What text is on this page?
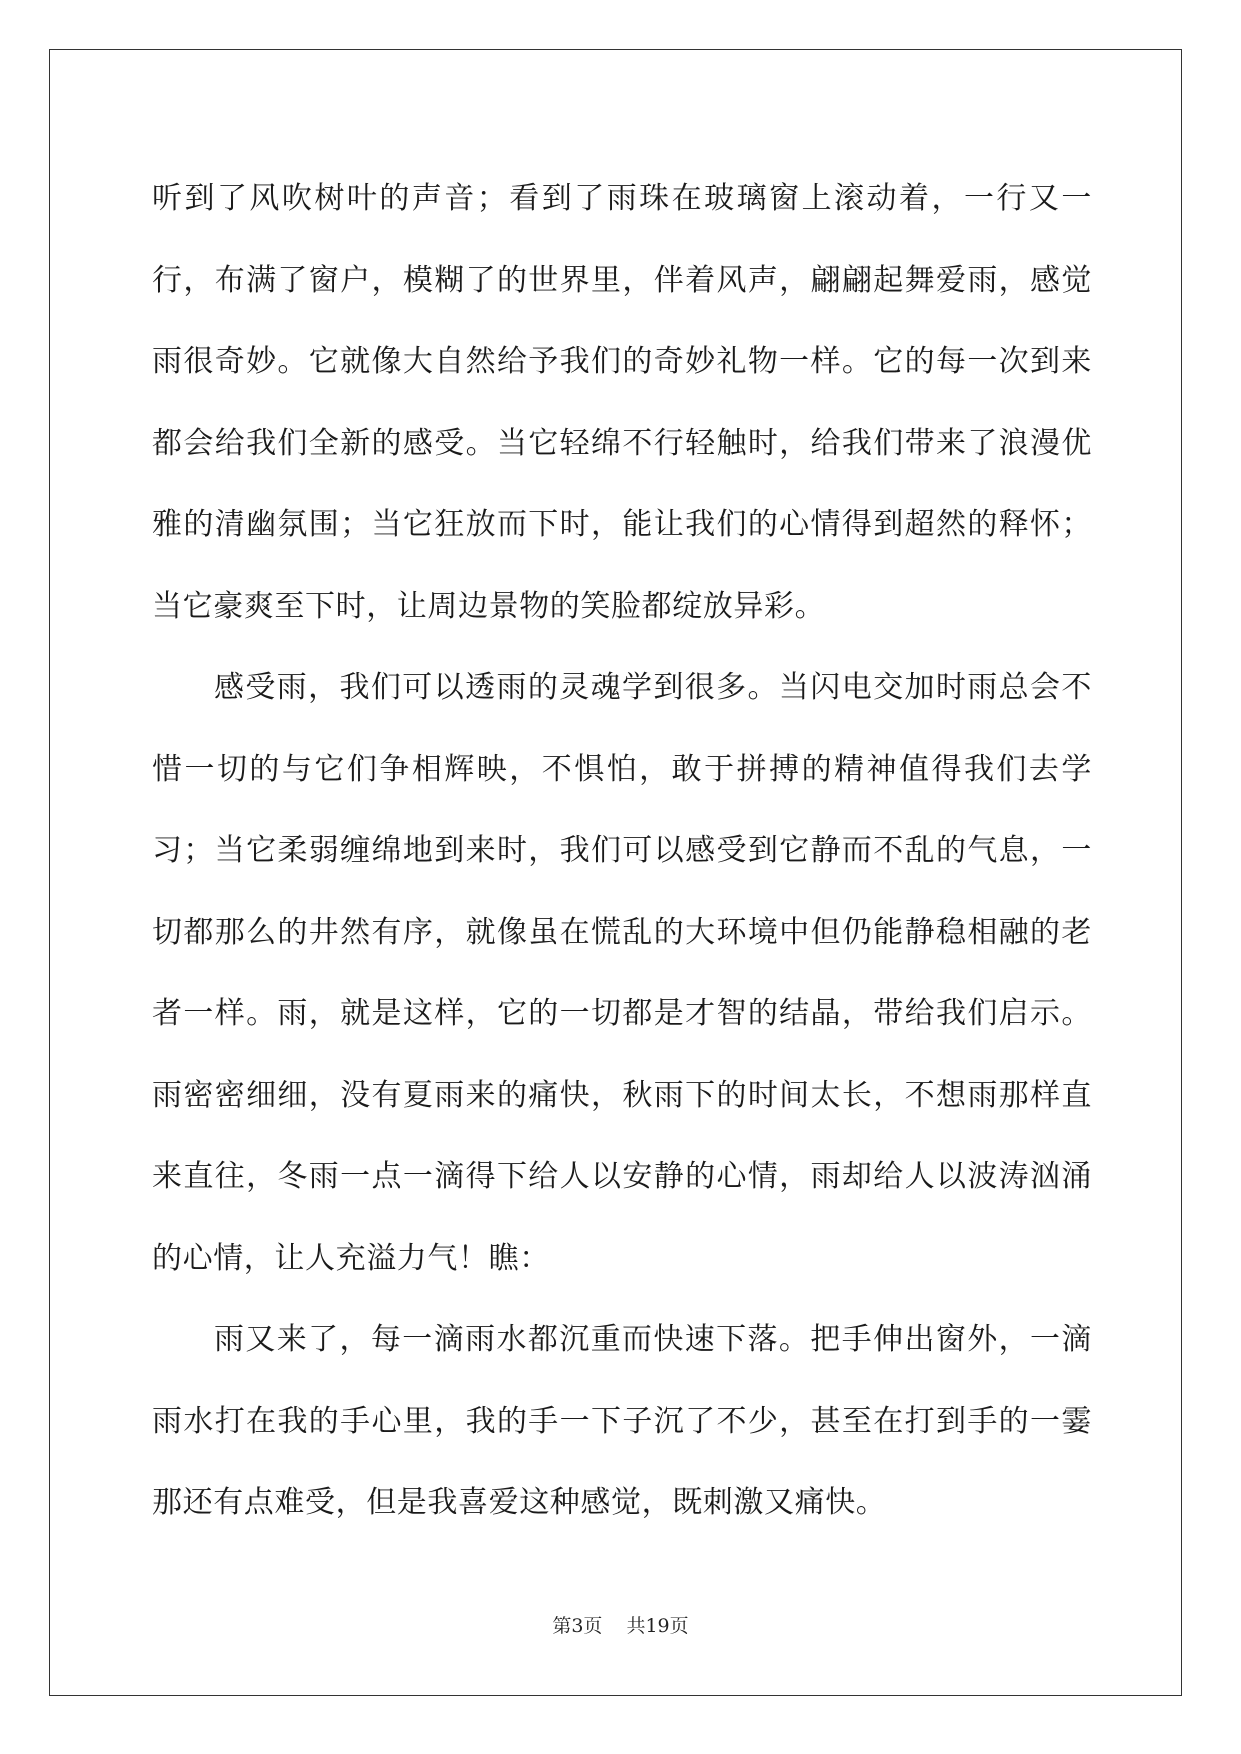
听到了风吹树叶的声音；看到了雨珠在玻璃窗上滚动着，一行又一行，布满了窗户，模糊了的世界里，伴着风声，翩翩起舞爱雨，感觉雨很奇妙。它就像大自然给予我们的奇妙礼物一样。它的每一次到来都会给我们全新的感受。当它轻绵不行轻触时，给我们带来了浪漫优雅的清幽氛围；当它狂放而下时，能让我们的心情得到超然的释怀；当它豪爽至下时，让周边景物的笑脸都绽放异彩。

感受雨，我们可以透雨的灵魂学到很多。当闪电交加时雨总会不惜一切的与它们争相辉映，不惧怕，敢于拼搏的精神值得我们去学习；当它柔弱缠绵地到来时，我们可以感受到它静而不乱的气息，一切都那么的井然有序，就像虽在慌乱的大环境中但仍能静稳相融的老者一样。雨，就是这样，它的一切都是才智的结晶，带给我们启示。雨密密细细，没有夏雨来的痛快，秋雨下的时间太长，不想雨那样直来直往，冬雨一点一滴得下给人以安静的心情，雨却给人以波涛汹涌的心情，让人充溢力气！瞧：

雨又来了，每一滴雨水都沉重而快速下落。把手伸出窗外，一滴雨水打在我的手心里，我的手一下子沉了不少，甚至在打到手的一霎那还有点难受，但是我喜爱这种感觉，既刺激又痛快。

第3页 共19页
